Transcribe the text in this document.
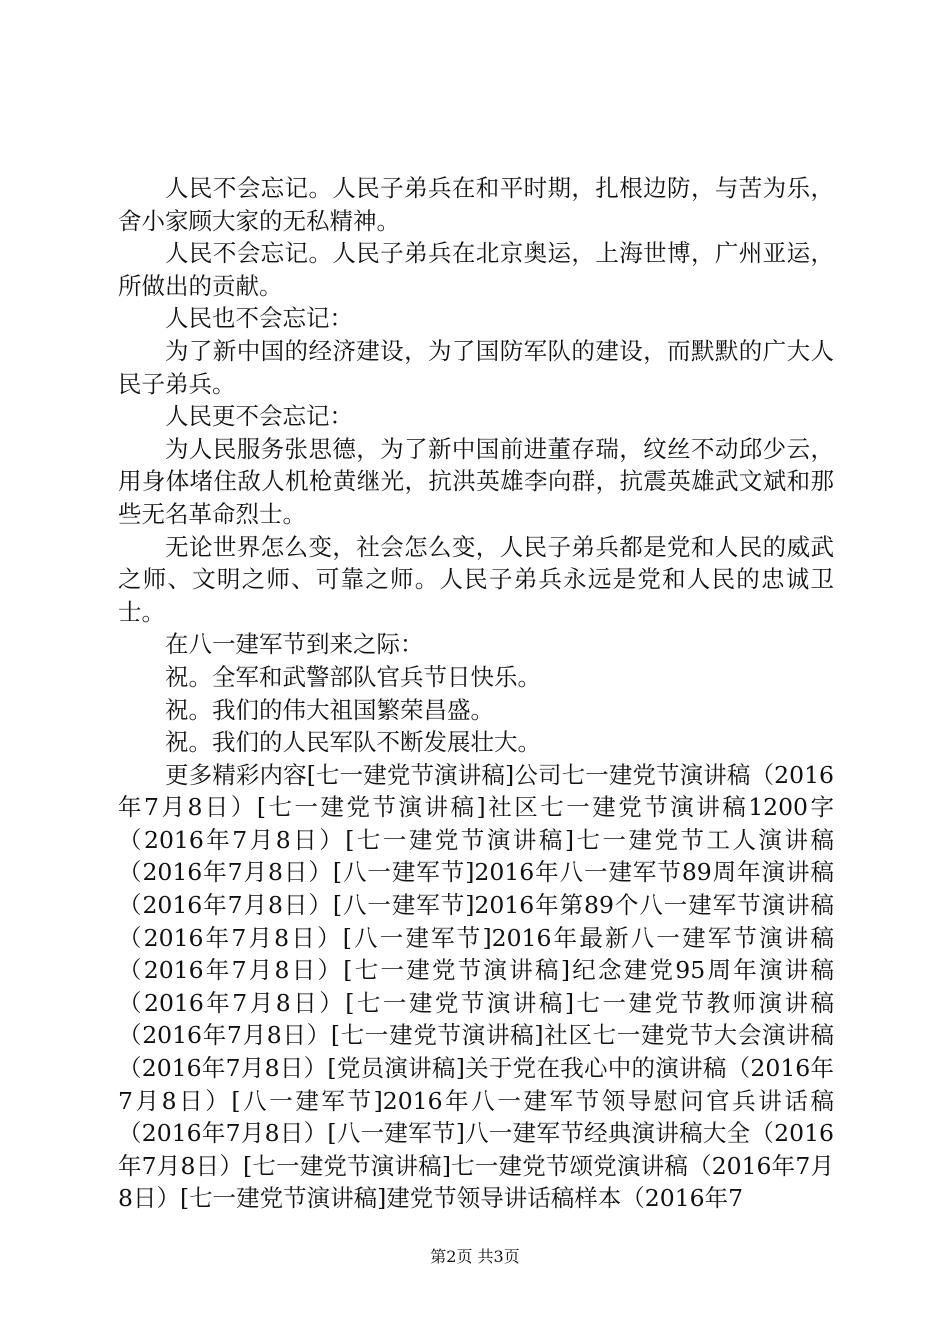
人民不会忘记。人民子弟兵在和平时期，扎根边防，与苦为乐，舍小家顾大家的无私精神。

人民不会忘记。人民子弟兵在北京奥运，上海世博，广州亚运，所做出的贡献。

人民也不会忘记：

为了新中国的经济建设，为了国防军队的建设，而默默的广大人民子弟兵。

人民更不会忘记：

为人民服务张思德，为了新中国前进董存瑞，纹丝不动邱少云，用身体堵住敌人机枪黄继光，抗洪英雄李向群，抗震英雄武文斌和那些无名革命烈士。

无论世界怎么变，社会怎么变，人民子弟兵都是党和人民的威武之师、文明之师、可靠之师。人民子弟兵永远是党和人民的忠诚卫士。

在八一建军节到来之际：

祝。全军和武警部队官兵节日快乐。

祝。我们的伟大祖国繁荣昌盛。

祝。我们的人民军队不断发展壮大。

更多精彩内容[七一建党节演讲稿]公司七一建党节演讲稿（2016年7月8日）[七一建党节演讲稿]社区七一建党节演讲稿1200字（2016年7月8日）[七一建党节演讲稿]七一建党节工人演讲稿（2016年7月8日）[八一建军节]2016年八一建军节89周年演讲稿（2016年7月8日）[八一建军节]2016年第89个八一建军节演讲稿（2016年7月8日）[八一建军节]2016年最新八一建军节演讲稿（2016年7月8日）[七一建党节演讲稿]纪念建党95周年演讲稿（2016年7月8日）[七一建党节演讲稿]七一建党节教师演讲稿（2016年7月8日）[七一建党节演讲稿]社区七一建党节大会演讲稿（2016年7月8日）[党员演讲稿]关于党在我心中的演讲稿（2016年7月8日）[八一建军节]2016年八一建军节领导慰问官兵讲话稿（2016年7月8日）[八一建军节]八一建军节经典演讲稿大全（2016年7月8日）[七一建党节演讲稿]七一建党节颂党演讲稿（2016年7月8日）[七一建党节演讲稿]建党节领导讲话稿样本（2016年7

第2页 共3页
